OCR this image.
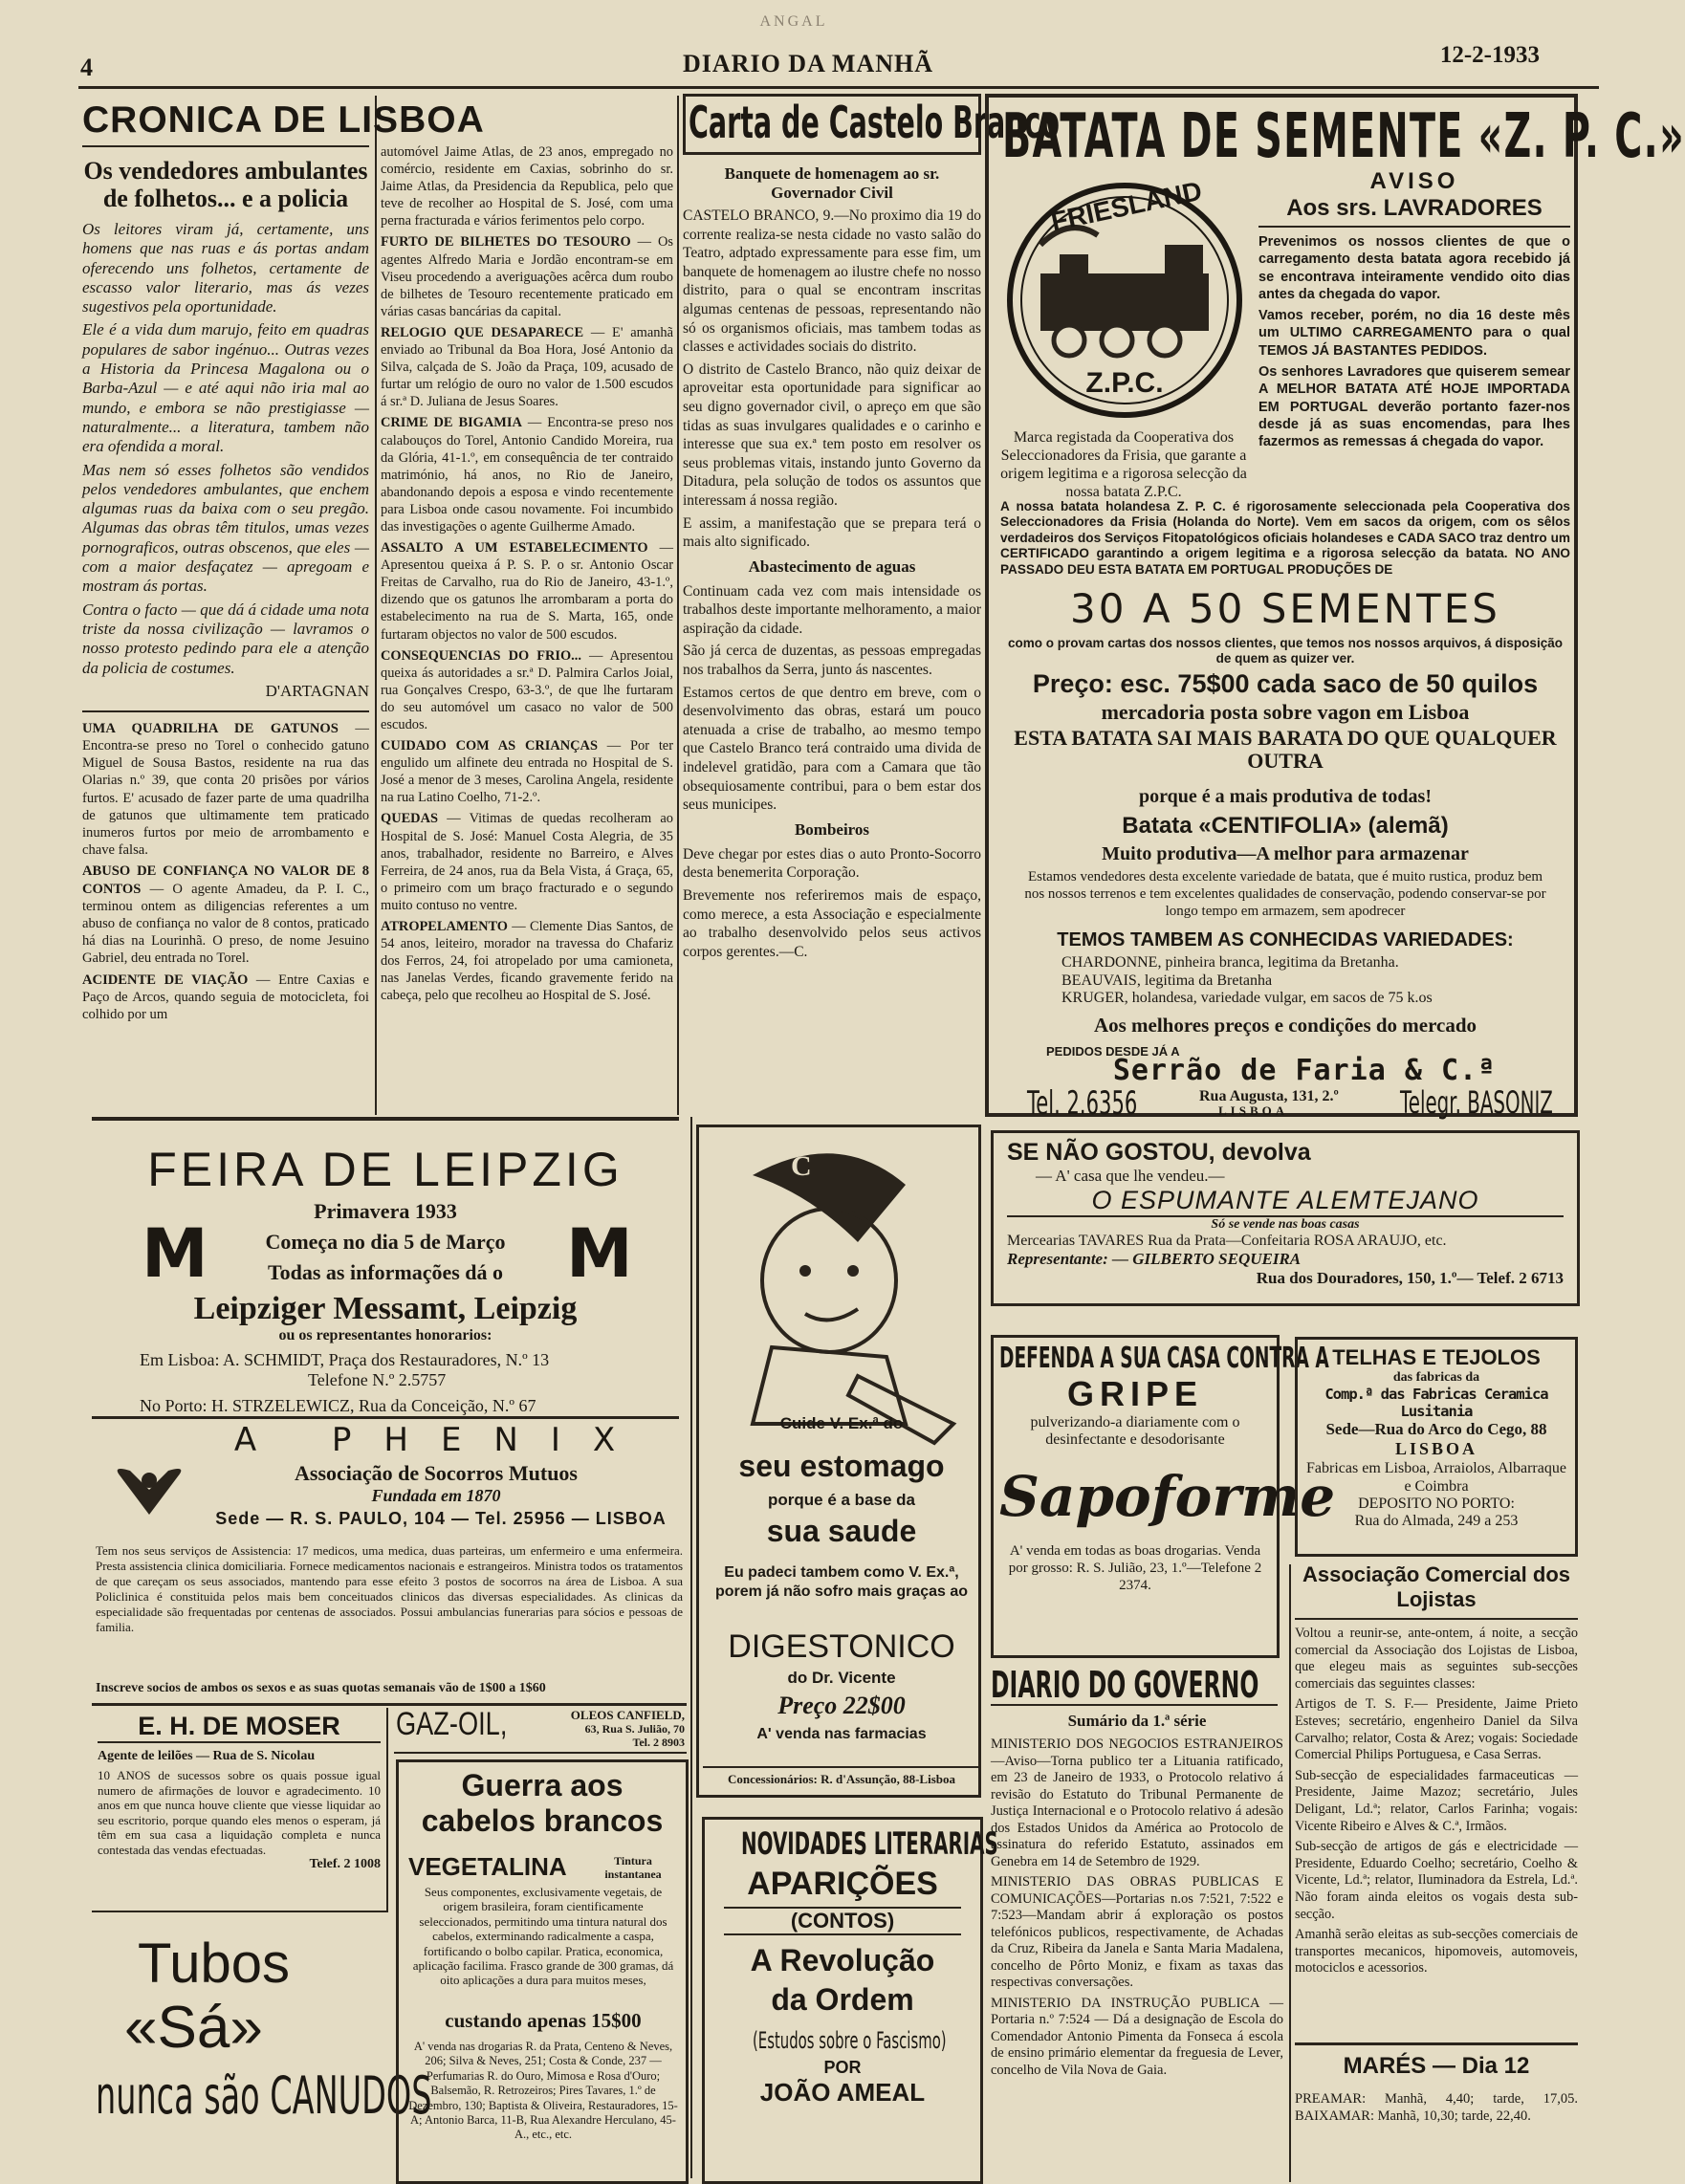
ANGAL
4	DIARIO DA MANHÃ	12-2-1933
CRONICA DE LISBOA
Os vendedores ambulantes de folhetos... e a policia

Os leitores viram já, certamente, uns homens que nas ruas e ás portas andam oferecendo uns folhetos, certamente de escasso valor literario, mas ás vezes sugestivos pela oportunidade.

Ele é a vida dum marujo, feito em quadras populares de sabor ingénuo... Outras vezes a Historia da Princesa Magalona ou o Barba-Azul — e até aqui não iria mal ao mundo, e embora se não prestigiasse — naturalmente... a literatura, tambem não era ofendida a moral.

Mas nem só esses folhetos são vendidos pelos vendedores ambulantes, que enchem algumas ruas da baixa com o seu pregão. Algumas das obras têm titulos, umas vezes pornograficos, outras obscenos, que eles — com a maior desfaçatez — apregoam e mostram ás portas.

Contra o facto — que dá á cidade uma nota triste da nossa civilização — lavramos o nosso protesto pedindo para ele a atenção da policia de costumes.

D'ARTAGNAN

UMA QUADRILHA DE GATUNOS — Encontra-se preso no Torel o conhecido gatuno Miguel de Sousa Bastos, residente na rua das Olarias n.º 39, que conta 20 prisões por vários furtos. E' acusado de fazer parte de uma quadrilha de gatunos que ultimamente tem praticado inumeros furtos por meio de arrombamento e chave falsa.

ABUSO DE CONFIANÇA NO VALOR DE 8 CONTOS — O agente Amadeu, da P. I. C., terminou ontem as diligencias referentes a um abuso de confiança no valor de 8 contos, praticado há dias na Lourinhã. O preso, de nome Jesuino Gabriel, deu entrada no Torel.

ACIDENTE DE VIAÇÃO — Entre Caxias e Paço de Arcos, quando seguia de motocicleta, foi colhido por um

automóvel Jaime Atlas, de 23 anos, empregado no comércio, residente em Caxias, sobrinho do sr. Jaime Atlas, da Presidencia da Republica, pelo que teve de recolher ao Hospital de S. José, com uma perna fracturada e vários ferimentos pelo corpo.

FURTO DE BILHETES DO TESOURO — Os agentes Alfredo Maria e Jordão encontram-se em Viseu procedendo a averiguações acêrca dum roubo de bilhetes de Tesouro recentemente praticado em várias casas bancárias da capital.

RELOGIO QUE DESAPARECE — E' amanhã enviado ao Tribunal da Boa Hora, José Antonio da Silva, calçada de S. João da Praça, 109, acusado de furtar um relógio de ouro no valor de 1.500 escudos á sr.ª D. Juliana de Jesus Soares.

CRIME DE BIGAMIA — Encontra-se preso nos calabouços do Torel, Antonio Candido Moreira, rua da Glória, 41-1.º, em consequência de ter contraido matrimónio, há anos, no Rio de Janeiro, abandonando depois a esposa e vindo recentemente para Lisboa onde casou novamente. Foi incumbido das investigações o agente Guilherme Amado.

ASSALTO A UM ESTABELECIMENTO — Apresentou queixa á P. S. P. o sr. Antonio Oscar Freitas de Carvalho, rua do Rio de Janeiro, 43-1.º, dizendo que os gatunos lhe arrombaram a porta do estabelecimento na rua de S. Marta, 165, onde furtaram objectos no valor de 500 escudos.

CONSEQUENCIAS DO FRIO... — Apresentou queixa ás autoridades a sr.ª D. Palmira Carlos Joial, rua Gonçalves Crespo, 63-3.º, de que lhe furtaram do seu automóvel um casaco no valor de 500 escudos.

CUIDADO COM AS CRIANÇAS — Por ter engulido um alfinete deu entrada no Hospital de S. José a menor de 3 meses, Carolina Angela, residente na rua Latino Coelho, 71-2.º.

QUEDAS — Vitimas de quedas recolheram ao Hospital de S. José: Manuel Costa Alegria, de 35 anos, trabalhador, residente no Barreiro, e Alves Ferreira, de 24 anos, rua da Bela Vista, á Graça, 65, o primeiro com um braço fracturado e o segundo muito contuso no ventre.

ATROPELAMENTO — Clemente Dias Santos, de 54 anos, leiteiro, morador na travessa do Chafariz dos Ferros, 24, foi atropelado por uma camioneta, nas Janelas Verdes, ficando gravemente ferido na cabeça, pelo que recolheu ao Hospital de S. José.

Carta de Castelo Branco
Banquete de homenagem ao sr. Governador Civil

CASTELO BRANCO, 9.—No proximo dia 19 do corrente realiza-se nesta cidade no vasto salão do Teatro, adptado expressamente para esse fim, um banquete de homenagem ao ilustre chefe no nosso distrito, para o qual se encontram inscritas algumas centenas de pessoas, representando não só os organismos oficiais, mas tambem todas as classes e actividades sociais do distrito.

O distrito de Castelo Branco, não quiz deixar de aproveitar esta oportunidade para significar ao seu digno governador civil, o apreço em que são tidas as suas invulgares qualidades e o carinho e interesse que sua ex.ª tem posto em resolver os seus problemas vitais, instando junto Governo da Ditadura, pela solução de todos os assuntos que interessam á nossa região.

E assim, a manifestação que se prepara terá o mais alto significado.

Abastecimento de aguas

Continuam cada vez com mais intensidade os trabalhos deste importante melhoramento, a maior aspiração da cidade.

São já cerca de duzentas, as pessoas empregadas nos trabalhos da Serra, junto ás nascentes.

Estamos certos de que dentro em breve, com o desenvolvimento das obras, estará um pouco atenuada a crise de trabalho, ao mesmo tempo que Castelo Branco terá contraido uma divida de indelevel gratidão, para com a Camara que tão obsequiosamente contribui, para o bem estar dos seus municipes.

Bombeiros

Deve chegar por estes dias o auto Pronto-Socorro desta benemerita Corporação.

Brevemente nos referiremos mais de espaço, como merece, a esta Associação e especialmente ao trabalho desenvolvido pelos seus activos corpos gerentes.—C.

BATATA DE SEMENTE «Z. P. C.»
FRIESLAND
Z.P.C.
Marca registada da Cooperativa dos Seleccionadores da Frisia, que garante a origem legitima e a rigorosa selecção da nossa batata Z.P.C.
AVISO
Aos srs. LAVRADORES

Prevenimos os nossos clientes de que o carregamento desta batata agora recebido já se encontrava inteiramente vendido oito dias antes da chegada do vapor.

Vamos receber, porém, no dia 16 deste mês um ULTIMO CARREGAMENTO para o qual TEMOS JÁ BASTANTES PEDIDOS.

Os senhores Lavradores que quiserem semear A MELHOR BATATA ATÉ HOJE IMPORTADA EM PORTUGAL deverão portanto fazer-nos desde já as suas encomendas, para lhes fazermos as remessas á chegada do vapor.

A nossa batata holandesa Z. P. C. é rigorosamente seleccionada pela Cooperativa dos Seleccionadores da Frisia (Holanda do Norte). Vem em sacos da origem, com os sêlos verdadeiros dos Serviços Fitopatológicos oficiais holandeses e CADA SACO traz dentro um CERTIFICADO garantindo a origem legitima e a rigorosa selecção da batata. NO ANO PASSADO DEU ESTA BATATA EM PORTUGAL PRODUÇÕES DE
30 A 50 SEMENTES
como o provam cartas dos nossos clientes, que temos nos nossos arquivos, á disposição de quem as quizer ver.
Preço: esc. 75$00 cada saco de 50 quilos
mercadoria posta sobre vagon em Lisboa
ESTA BATATA SAI MAIS BARATA DO QUE QUALQUER OUTRA
porque é a mais produtiva de todas!
Batata «CENTIFOLIA» (alemã)
Muito produtiva—A melhor para armazenar
Estamos vendedores desta excelente variedade de batata, que é muito rustica, produz bem nos nossos terrenos e tem excelentes qualidades de conservação, podendo conservar-se por longo tempo em armazem, sem apodrecer
TEMOS TAMBEM AS CONHECIDAS VARIEDADES:
CHARDONNE, pinheira branca, legitima da Bretanha.
BEAUVAIS, legitima da Bretanha
KRUGER, holandesa, variedade vulgar, em sacos de 75 k.os
Aos melhores preços e condições do mercado
PEDIDOS DESDE JÁ A
Serrão de Faria & C.ª
Tel. 2.6356	Rua Augusta, 131, 2.º
LISBOA	Telegr. BASONIZ
SE NÃO GOSTOU, devolva
— A' casa que lhe vendeu.—
O ESPUMANTE ALEMTEJANO
Só se vende nas boas casas
Mercearias TAVARES Rua da Prata—Confeitaria ROSA ARAUJO, etc.
Representante: — GILBERTO SEQUEIRA
Rua dos Douradores, 150, 1.º— Telef. 2 6713
FEIRA DE LEIPZIG
Primavera 1933
M	M
Começa no dia 5 de Março
Todas as informações dá o
Leipziger Messamt, Leipzig
ou os representantes honorarios:
Em Lisboa: A. SCHMIDT, Praça dos Restauradores, N.º 13
Telefone N.º 2.5757
No Porto: H. STRZELEWICZ, Rua da Conceição, N.º 67
A PHENIX
Associação de Socorros Mutuos
Fundada em 1870
Sede — R. S. PAULO, 104 — Tel. 25956 — LISBOA
Tem nos seus serviços de Assistencia: 17 medicos, uma medica, duas parteiras, um enfermeiro e uma enfermeira. Presta assistencia clinica domiciliaria. Fornece medicamentos nacionais e estrangeiros. Ministra todos os tratamentos de que careçam os seus associados, mantendo para esse efeito 3 postos de socorros na área de Lisboa. A sua Policlinica é constituida pelos mais bem conceituados clinicos das diversas especialidades. As clinicas da especialidade são frequentadas por centenas de associados. Possui ambulancias funerarias para sócios e pessoas de familia.
Inscreve socios de ambos os sexos e as suas quotas semanais vão de 1$00 a 1$60
E. H. DE MOSER
Agente de leilões — Rua de S. Nicolau
10 ANOS de sucessos sobre os quais possue igual numero de afirmações de louvor e agradecimento. 10 anos em que nunca houve cliente que viesse liquidar ao seu escritorio, porque quando eles menos o esperam, já têm em sua casa a liquidação completa e nunca contestada das vendas efectuadas.
Telef. 2 1008
GAZ-OIL,	OLEOS CANFIELD,
63, Rua S. Julião, 70
Tel. 2 8903
Tubos
«Sá»
nunca são CANUDOS
Guerra aos cabelos brancos
VEGETALINA	Tintura instantanea
Seus componentes, exclusivamente vegetais, de origem brasileira, foram cientificamente seleccionados, permitindo uma tintura natural dos cabelos, exterminando radicalmente a caspa, fortificando o bolbo capilar. Pratica, economica, aplicação facilima. Frasco grande de 300 gramas, dá oito aplicações a dura para muitos meses,
custando apenas 15$00
A' venda nas drogarias R. da Prata, Centeno & Neves, 206; Silva & Neves, 251; Costa & Conde, 237 — Perfumarias R. do Ouro, Mimosa e Rosa d'Ouro; Balsemão, R. Retrozeiros; Pires Tavares, 1.º de Dezembro, 130; Baptista & Oliveira, Restauradores, 15-A; Antonio Barca, 11-B, Rua Alexandre Herculano, 45-A., etc., etc.
C
Cuide V. Ex.ª do
seu estomago
porque é a base da
sua saude
Eu padeci tambem como V. Ex.ª, porem já não sofro mais graças ao
DIGESTONICO
do Dr. Vicente
Preço 22$00
A' venda nas farmacias
Concessionários: R. d'Assunção, 88-Lisboa
NOVIDADES LITERARIAS
APARIÇÕES
(CONTOS)
A Revolução
da Ordem
(Estudos sobre o Fascismo)
POR
JOÃO AMEAL
DEFENDA A SUA CASA CONTRA A
GRIPE
pulverizando-a diariamente com o desinfectante e desodorisante
Sapoforme
A' venda em todas as boas drogarias. Venda por grosso: R. S. Julião, 23, 1.º—Telefone 2 2374.
TELHAS E TEJOLOS
das fabricas da
Comp.ª das Fabricas Ceramica Lusitania
Sede—Rua do Arco do Cego, 88
LISBOA
Fabricas em Lisboa, Arraiolos, Albarraque e Coimbra
DEPOSITO NO PORTO:
Rua do Almada, 249 a 253
DIARIO DO GOVERNO
Sumário da 1.ª série

MINISTERIO DOS NEGOCIOS ESTRANJEIROS—Aviso—Torna publico ter a Lituania ratificado, em 23 de Janeiro de 1933, o Protocolo relativo á revisão do Estatuto do Tribunal Permanente de Justiça Internacional e o Protocolo relativo á adesão dos Estados Unidos da América ao Protocolo de assinatura do referido Estatuto, assinados em Genebra em 14 de Setembro de 1929.

MINISTERIO DAS OBRAS PUBLICAS E COMUNICAÇÕES—Portarias n.os 7:521, 7:522 e 7:523—Mandam abrir á exploração os postos telefónicos publicos, respectivamente, de Achadas da Cruz, Ribeira da Janela e Santa Maria Madalena, concelho de Pôrto Moniz, e fixam as taxas das respectivas conversações.

MINISTERIO DA INSTRUÇÃO PUBLICA — Portaria n.º 7:524 — Dá a designação de Escola do Comendador Antonio Pimenta da Fonseca á escola de ensino primário elementar da freguesia de Lever, concelho de Vila Nova de Gaia.

Associação Comercial dos Lojistas

Voltou a reunir-se, ante-ontem, á noite, a secção comercial da Associação dos Lojistas de Lisboa, que elegeu mais as seguintes sub-secções comerciais das seguintes classes:

Artigos de T. S. F.— Presidente, Jaime Prieto Esteves; secretário, engenheiro Daniel da Silva Carvalho; relator, Costa & Arez; vogais: Sociedade Comercial Philips Portuguesa, e Casa Serras.

Sub-secção de especialidades farmaceuticas — Presidente, Jaime Mazoz; secretário, Jules Deligant, Ld.ª; relator, Carlos Farinha; vogais: Vicente Ribeiro e Alves & C.ª, Irmãos.

Sub-secção de artigos de gás e electricidade — Presidente, Eduardo Coelho; secretário, Coelho & Vicente, Ld.ª; relator, Iluminadora da Estrela, Ld.ª. Não foram ainda eleitos os vogais desta sub-secção.

Amanhã serão eleitas as sub-secções comerciais de transportes mecanicos, hipomoveis, automoveis, motociclos e acessorios.

MARÉS — Dia 12
PREAMAR: Manhã, 4,40; tarde, 17,05. BAIXAMAR: Manhã, 10,30; tarde, 22,40.
